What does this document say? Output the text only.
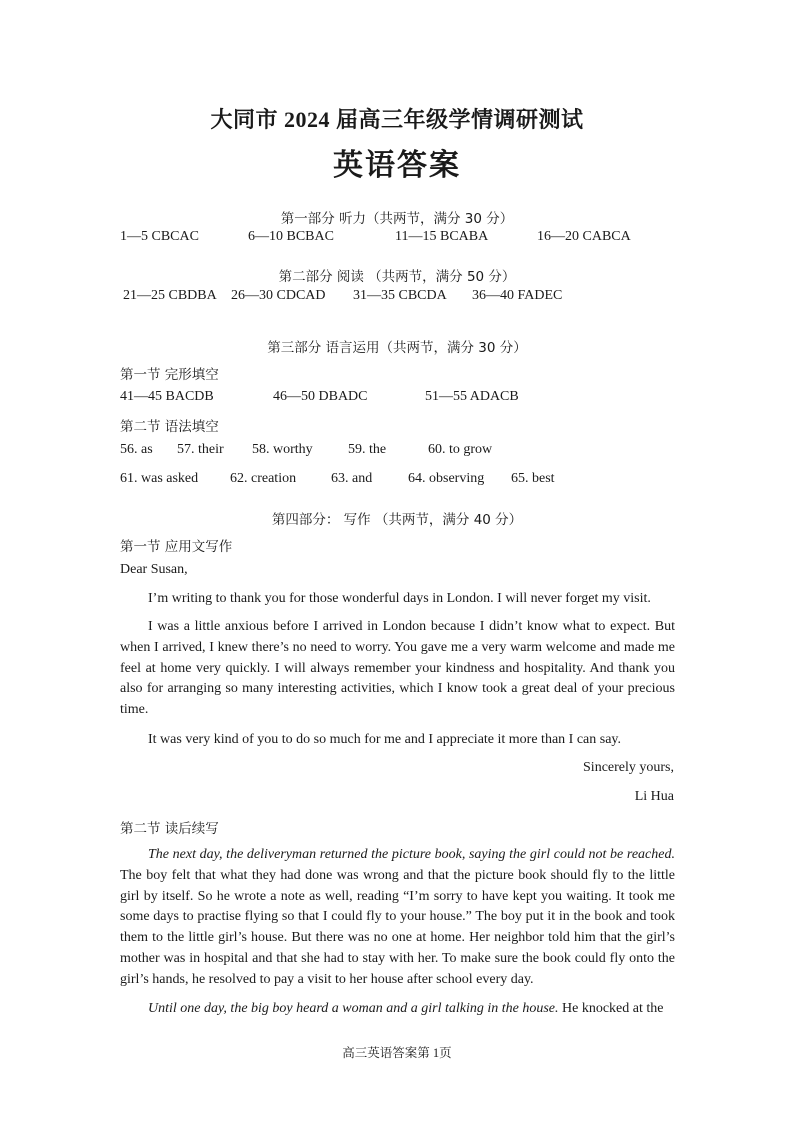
大同市 2024 届高三年级学情调研测试
英语答案
第一部分 听力（共两节，满分 30 分）
1—5 CBCAC	6—10 BCBAC	11—15 BCABA	16—20 CABCA
第二部分 阅读 （共两节，满分 50 分）
21—25 CBDBA 26—30 CDCAD 31—35 CBCDA 36—40 FADEC
第三部分 语言运用（共两节，满分 30 分）
第一节 完形填空
41—45 BACDB	46—50 DBADC	51—55 ADACB
第二节 语法填空
56. as 57. their 58. worthy	59. the	60. to grow
61. was asked 62. creation 63. and	64. observing 65. best
第四部分： 写作 （共两节，满分 40 分）
第一节 应用文写作
Dear Susan,
I’m writing to thank you for those wonderful days in London. I will never forget my visit.
I was a little anxious before I arrived in London because I didn’t know what to expect. But when I arrived, I knew there’s no need to worry. You gave me a very warm welcome and made me feel at home very quickly. I will always remember your kindness and hospitality. And thank you also for arranging so many interesting activities, which I know took a great deal of your precious time.
It was very kind of you to do so much for me and I appreciate it more than I can say.
Sincerely yours,
Li Hua
第二节 读后续写
The next day, the deliveryman returned the picture book, saying the girl could not be reached. The boy felt that what they had done was wrong and that the picture book should fly to the little girl by itself. So he wrote a note as well, reading “I’m sorry to have kept you waiting. It took me some days to practise flying so that I could fly to your house.” The boy put it in the book and took them to the little girl’s house. But there was no one at home. Her neighbor told him that the girl’s mother was in hospital and that she had to stay with her. To make sure the book could fly onto the girl’s hands, he resolved to pay a visit to her house after school every day.
Until one day, the big boy heard a woman and a girl talking in the house. He knocked at the
高三英语答案第 1页
